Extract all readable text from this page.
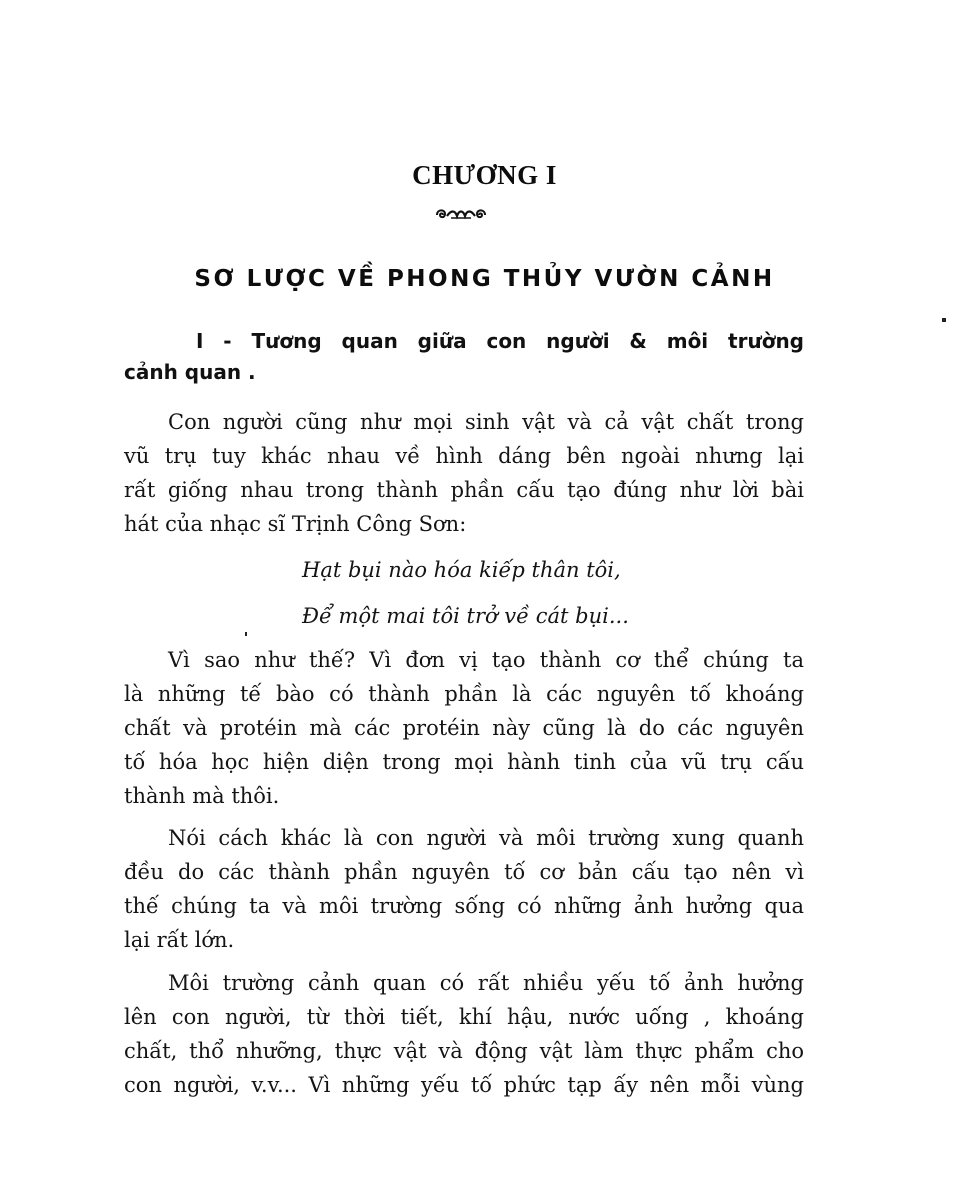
CHƯƠNG I
SƠ LƯỢC VỀ PHONG THỦY VƯỜN CẢNH
I - Tương quan giữa con người & môi trường
cảnh quan .
Con người cũng như mọi sinh vật và cả vật chất trong
vũ trụ tuy khác nhau về hình dáng bên ngoài nhưng lại
rất giống nhau trong thành phần cấu tạo đúng như lời bài
hát của nhạc sĩ Trịnh Công Sơn:
Hạt bụi nào hóa kiếp thân tôi,
Để một mai tôi trở về cát bụi...
Vì sao như thế? Vì đơn vị tạo thành cơ thể chúng ta
là những tế bào có thành phần là các nguyên tố khoáng
chất và protéin mà các protéin này cũng là do các nguyên
tố hóa học hiện diện trong mọi hành tinh của vũ trụ cấu
thành mà thôi.
Nói cách khác là con người và môi trường xung quanh
đều do các thành phần nguyên tố cơ bản cấu tạo nên vì
thế chúng ta và môi trường sống có những ảnh hưởng qua
lại rất lớn.
Môi trường cảnh quan có rất nhiều yếu tố ảnh hưởng
lên con người, từ thời tiết, khí hậu, nước uống , khoáng
chất, thổ nhưỡng, thực vật và động vật làm thực phẩm cho
con người, v.v... Vì những yếu tố phức tạp ấy nên mỗi vùng
